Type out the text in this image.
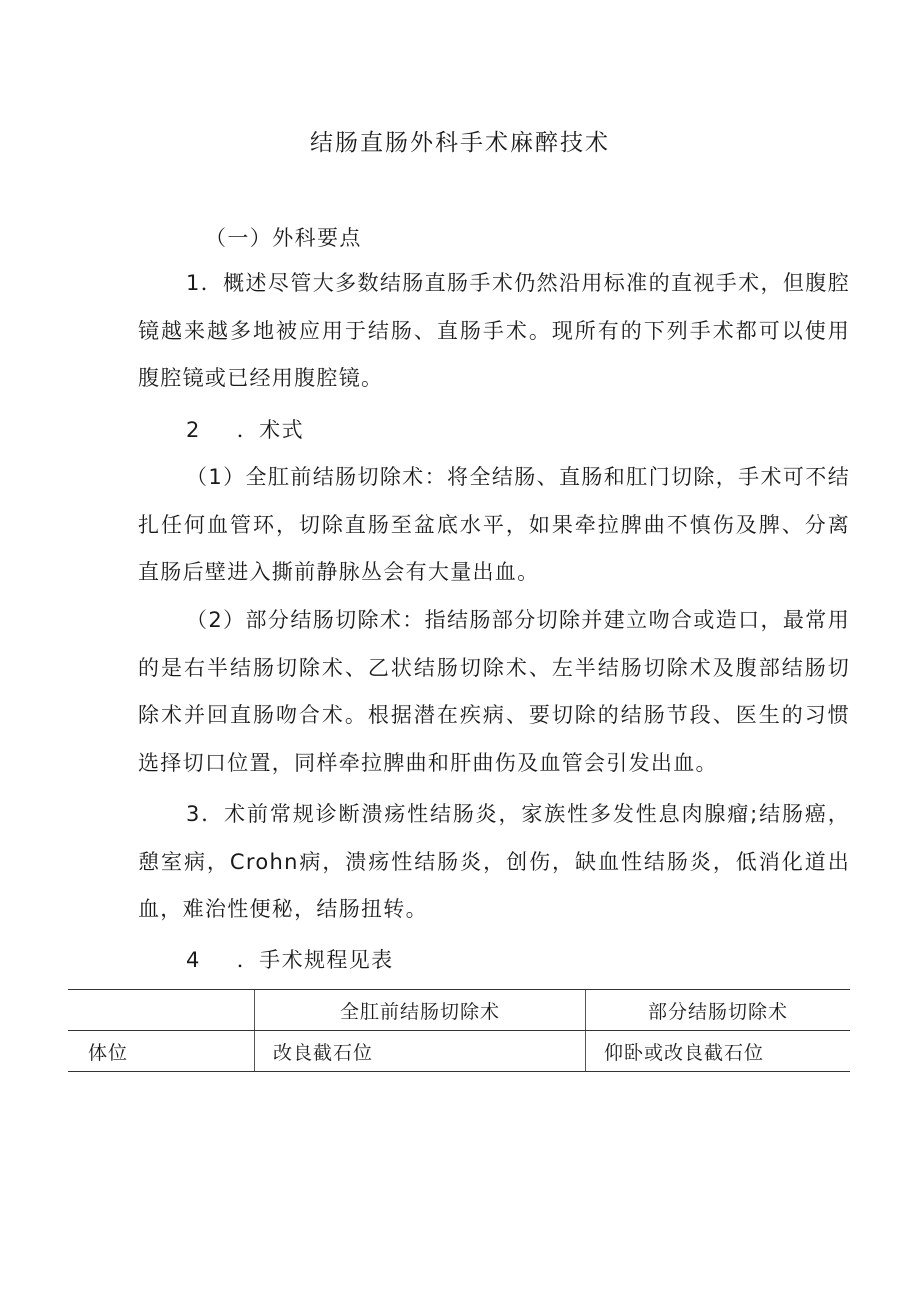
结肠直肠外科手术麻醉技术
（一）外科要点
1．概述尽管大多数结肠直肠手术仍然沿用标准的直视手术，但腹腔镜越来越多地被应用于结肠、直肠手术。现所有的下列手术都可以使用腹腔镜或已经用腹腔镜。
2 ．术式
（1）全肛前结肠切除术：将全结肠、直肠和肛门切除，手术可不结扎任何血管环，切除直肠至盆底水平，如果牵拉脾曲不慎伤及脾、分离直肠后壁进入撕前静脉丛会有大量出血。
（2）部分结肠切除术：指结肠部分切除并建立吻合或造口，最常用的是右半结肠切除术、乙状结肠切除术、左半结肠切除术及腹部结肠切除术并回直肠吻合术。根据潜在疾病、要切除的结肠节段、医生的习惯选择切口位置，同样牵拉脾曲和肝曲伤及血管会引发出血。
3．术前常规诊断溃疡性结肠炎，家族性多发性息肉腺瘤;结肠癌，憩室病，Crohn病，溃疡性结肠炎，创伤，缺血性结肠炎，低消化道出血，难治性便秘，结肠扭转。
4 ．手术规程见表
	全肛前结肠切除术	部分结肠切除术
体位	改良截石位	仰卧或改良截石位
